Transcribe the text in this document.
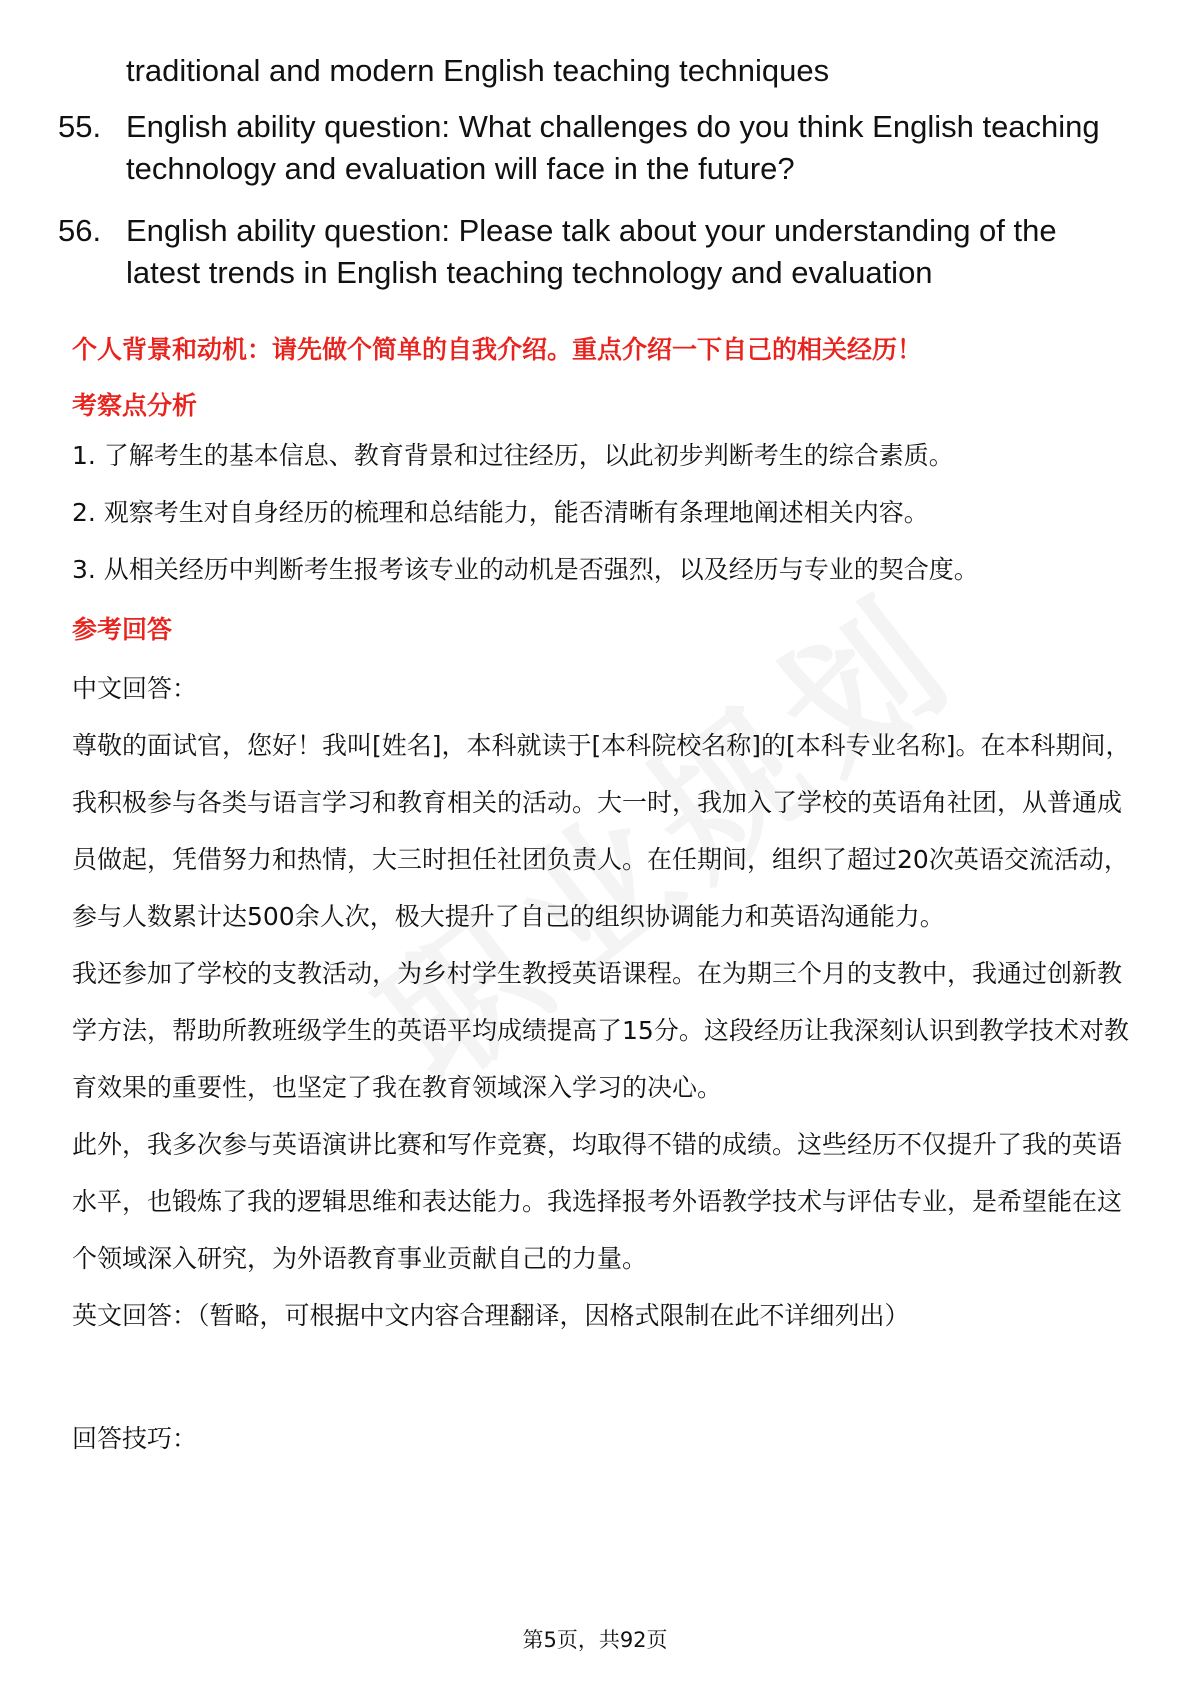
traditional and modern English teaching techniques
55. English ability question: What challenges do you think English teaching technology and evaluation will face in the future?
56. English ability question: Please talk about your understanding of the latest trends in English teaching technology and evaluation
个人背景和动机：请先做个简单的自我介绍。重点介绍一下自己的相关经历！
考察点分析
1. 了解考生的基本信息、教育背景和过往经历，以此初步判断考生的综合素质。
2. 观察考生对自身经历的梳理和总结能力，能否清晰有条理地阐述相关内容。
3. 从相关经历中判断考生报考该专业的动机是否强烈，以及经历与专业的契合度。
参考回答

中文回答：

尊敬的面试官，您好！我叫[姓名]，本科就读于[本科院校名称]的[本科专业名称]。在本科期间，我积极参与各类与语言学习和教育相关的活动。大一时，我加入了学校的英语角社团，从普通成员做起，凭借努力和热情，大三时担任社团负责人。在任期间，组织了超过20次英语交流活动，参与人数累计达500余人次，极大提升了自己的组织协调能力和英语沟通能力。

我还参加了学校的支教活动，为乡村学生教授英语课程。在为期三个月的支教中，我通过创新教学方法，帮助所教班级学生的英语平均成绩提高了15分。这段经历让我深刻认识到教学技术对教育效果的重要性，也坚定了我在教育领域深入学习的决心。

此外，我多次参与英语演讲比赛和写作竞赛，均取得不错的成绩。这些经历不仅提升了我的英语水平，也锻炼了我的逻辑思维和表达能力。我选择报考外语教学技术与评估专业，是希望能在这个领域深入研究，为外语教育事业贡献自己的力量。

英文回答：（暂略，可根据中文内容合理翻译，因格式限制在此不详细列出）

回答技巧：

第5页，共92页
